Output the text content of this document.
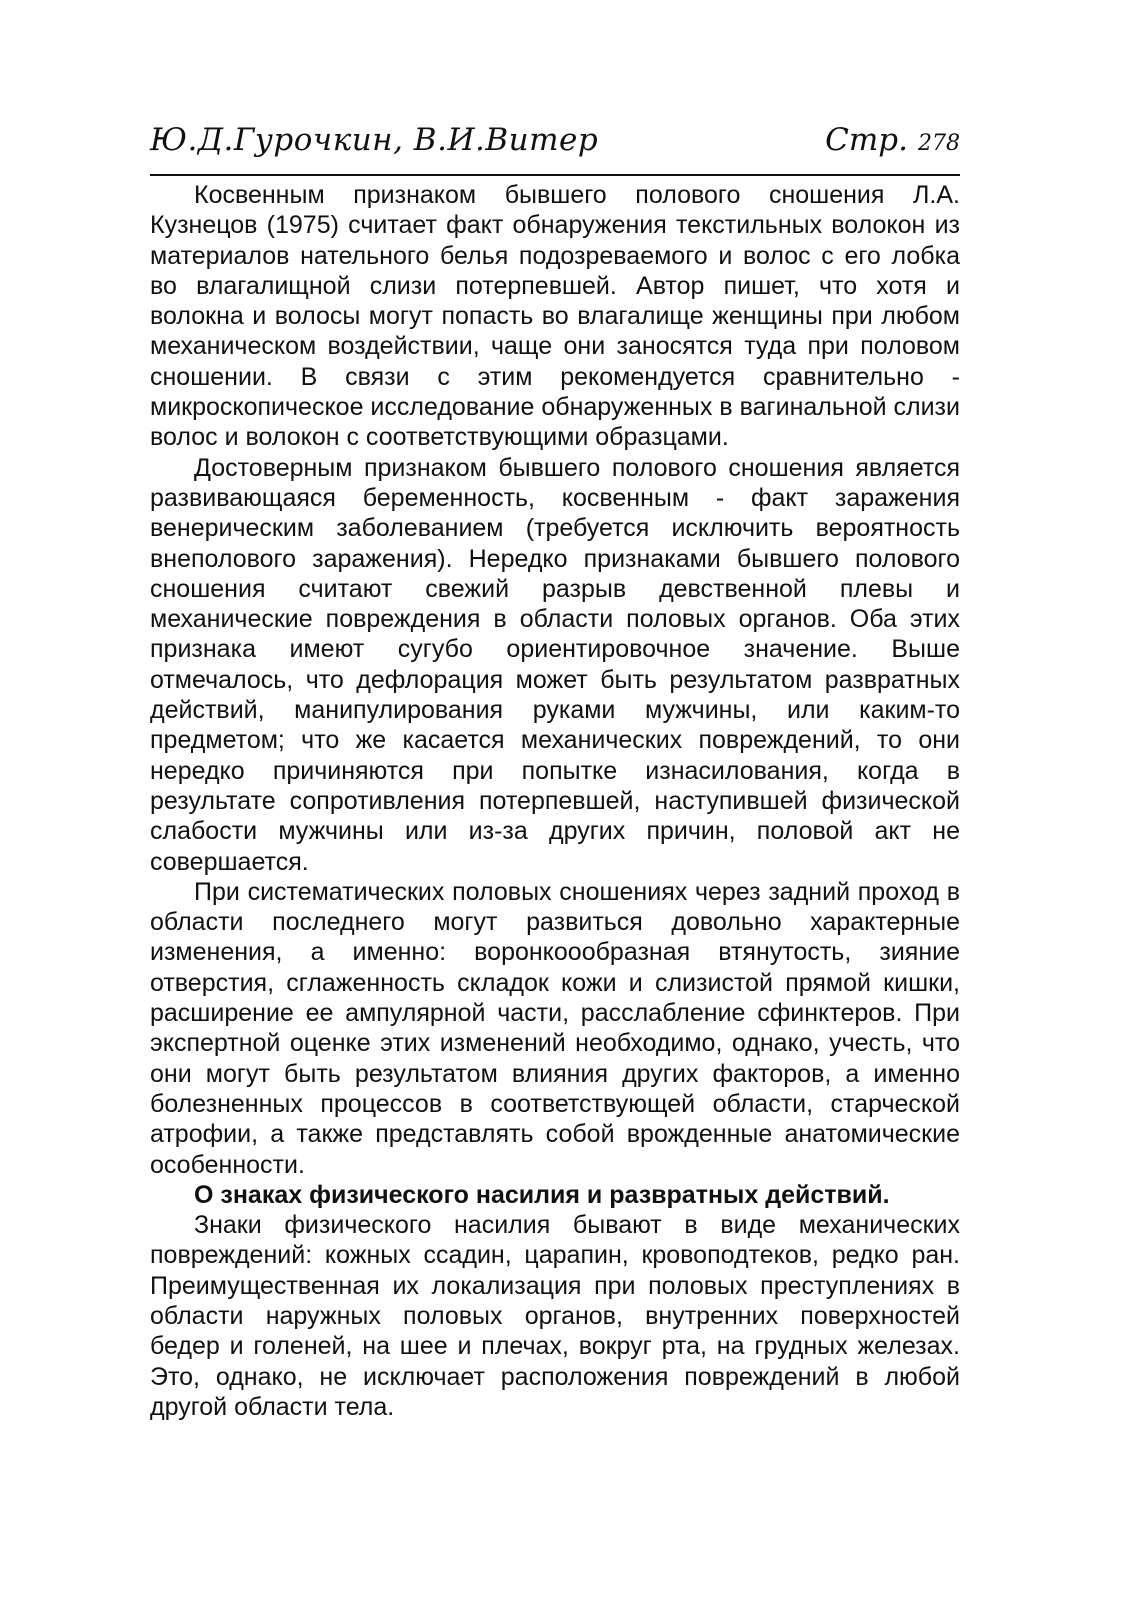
Ю.Д.Гурочкин, В.И.Витер	Стр. 278

Косвенным признаком бывшего полового сношения Л.А. Кузнецов (1975) считает факт обнаружения текстильных волокон из материалов нательного белья подозреваемого и волос с его лобка во влагалищной слизи потерпевшей. Автор пишет, что хотя и волокна и волосы могут попасть во влагалище женщины при любом механическом воздействии, чаще они заносятся туда при половом сношении. В связи с этим рекомендуется сравнительно - микроскопическое исследование обнаруженных в вагинальной слизи волос и волокон с соответствующими образцами.

Достоверным признаком бывшего полового сношения является развивающаяся беременность, косвенным - факт заражения венерическим заболеванием (требуется исключить вероятность внеполового заражения). Нередко признаками бывшего полового сношения считают свежий разрыв девственной плевы и механические повреждения в области половых органов. Оба этих признака имеют сугубо ориентировочное значение. Выше отмечалось, что дефлорация может быть результатом развратных действий, манипулирования руками мужчины, или каким-то предметом; что же касается механических повреждений, то они нередко причиняются при попытке изнасилования, когда в результате сопротивления потерпевшей, наступившей физической слабости мужчины или из-за других причин, половой акт не совершается.

При систематических половых сношениях через задний проход в области последнего могут развиться довольно характерные изменения, а именно: воронкоообразная втянутость, зияние отверстия, сглаженность складок кожи и слизистой прямой кишки, расширение ее ампулярной части, расслабление сфинктеров. При экспертной оценке этих изменений необходимо, однако, учесть, что они могут быть результатом влияния других факторов, а именно болезненных процессов в соответствующей области, старческой атрофии, а также представлять собой врожденные анатомические особенности.

О знаках физического насилия и развратных действий.

Знаки физического насилия бывают в виде механических повреждений: кожных ссадин, царапин, кровоподтеков, редко ран. Преимущественная их локализация при половых преступлениях в области наружных половых органов, внутренних поверхностей бедер и голеней, на шее и плечах, вокруг рта, на грудных железах. Это, однако, не исключает расположения повреждений в любой другой области тела.
